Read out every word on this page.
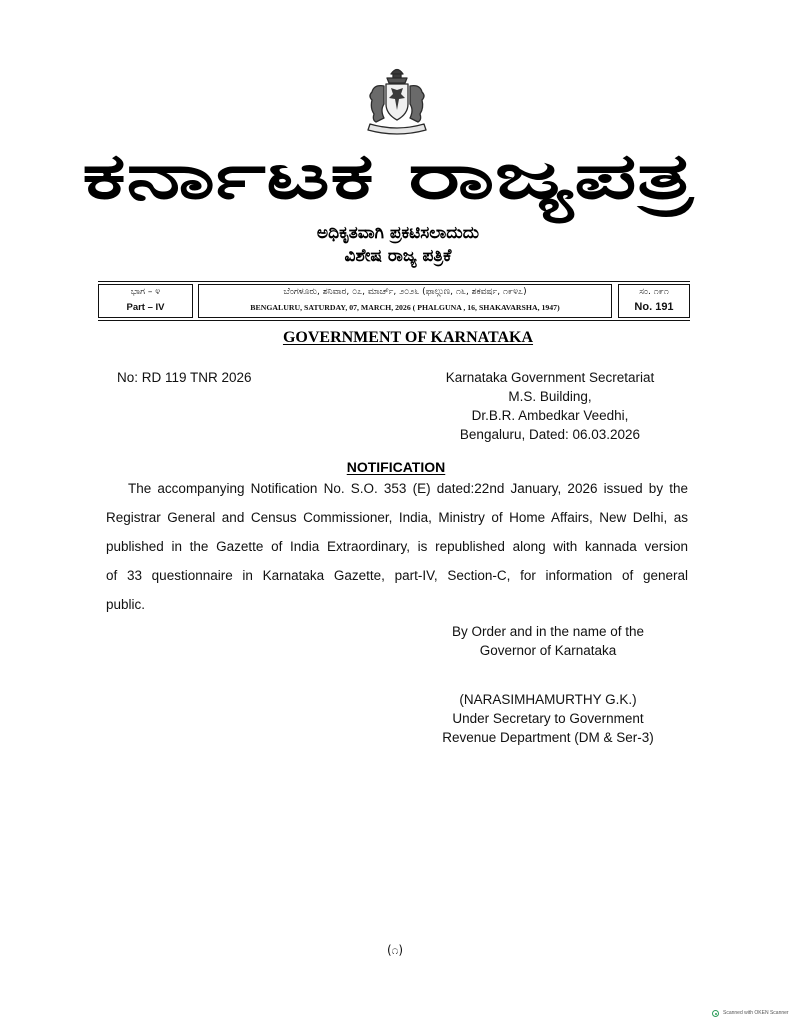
ಕರ್ನಾಟಕ ರಾಜ್ಯಪತ್ರ
ಅಧಿಕೃತವಾಗಿ ಪ್ರಕಟಿಸಲಾದುದು
ವಿಶೇಷ ರಾಜ್ಯ ಪತ್ರಿಕೆ
ಭಾಗ – ೪
Part – IV
ಬೆಂಗಳೂರು, ಶನಿವಾರ, ೦೭, ಮಾರ್ಚ್, ೨೦೨೬ (ಫಾಲ್ಗುಣ, ೧೬, ಶಕವರ್ಷ, ೧೯೪೭)
BENGALURU, SATURDAY, 07, MARCH, 2026 ( PHALGUNA , 16, SHAKAVARSHA, 1947)
ಸಂ. ೧೯೧
No. 191
GOVERNMENT OF KARNATAKA
No: RD 119 TNR 2026	Karnataka Government Secretariat
M.S. Building,
Dr.B.R. Ambedkar Veedhi,
Bengaluru, Dated: 06.03.2026
NOTIFICATION
The accompanying Notification No. S.O. 353 (E) dated:22nd January, 2026 issued by the
Registrar General and Census Commissioner, India, Ministry of Home Affairs, New Delhi, as
published in the Gazette of India Extraordinary, is republished along with kannada version
of 33 questionnaire in Karnataka Gazette, part-IV, Section-C, for information of general
public.
By Order and in the name of the
Governor of Karnataka
(NARASIMHAMURTHY G.K.)
Under Secretary to Government
Revenue Department (DM & Ser-3)
(೧)
Scanned with OKEN Scanner
